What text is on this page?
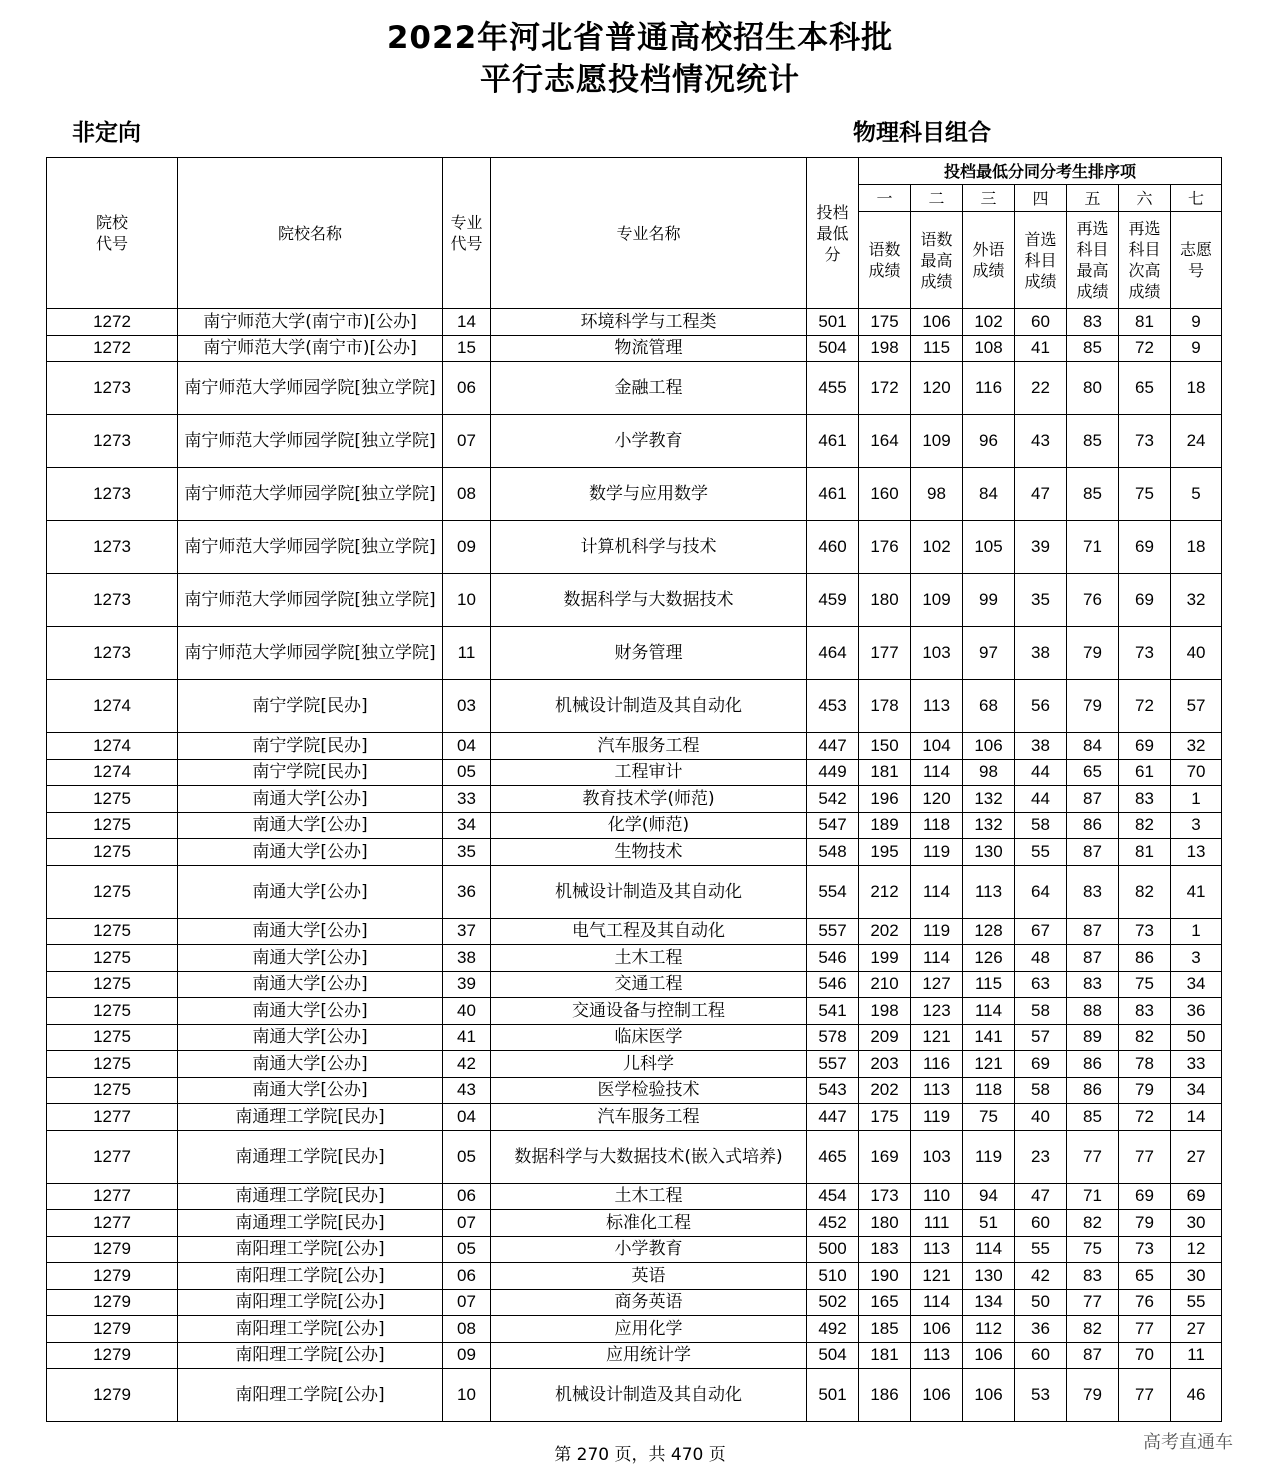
2022年河北省普通高校招生本科批
平行志愿投档情况统计
非定向	物理科目组合
院校代号	院校名称	专业代号	专业名称	投档最低分	投档最低分同分考生排序项						
					一	二	三	四	五	六	七

					语数成绩	语数最高成绩	外语成绩	首选科目成绩	再选科目最高成绩	再选科目次高成绩	志愿号

1272	南宁师范大学(南宁市)[公办]	14	环境科学与工程类	501	175	106	102	60	83	81	9
1272	南宁师范大学(南宁市)[公办]	15	物流管理	504	198	115	108	41	85	72	9
1273	南宁师范大学师园学院[独立学院]	06	金融工程	455	172	120	116	22	80	65	18
1273	南宁师范大学师园学院[独立学院]	07	小学教育	461	164	109	96	43	85	73	24
1273	南宁师范大学师园学院[独立学院]	08	数学与应用数学	461	160	98	84	47	85	75	5
1273	南宁师范大学师园学院[独立学院]	09	计算机科学与技术	460	176	102	105	39	71	69	18
1273	南宁师范大学师园学院[独立学院]	10	数据科学与大数据技术	459	180	109	99	35	76	69	32
1273	南宁师范大学师园学院[独立学院]	11	财务管理	464	177	103	97	38	79	73	40
1274	南宁学院[民办]	03	机械设计制造及其自动化	453	178	113	68	56	79	72	57
1274	南宁学院[民办]	04	汽车服务工程	447	150	104	106	38	84	69	32
1274	南宁学院[民办]	05	工程审计	449	181	114	98	44	65	61	70
1275	南通大学[公办]	33	教育技术学(师范)	542	196	120	132	44	87	83	1
1275	南通大学[公办]	34	化学(师范)	547	189	118	132	58	86	82	3
1275	南通大学[公办]	35	生物技术	548	195	119	130	55	87	81	13
1275	南通大学[公办]	36	机械设计制造及其自动化	554	212	114	113	64	83	82	41
1275	南通大学[公办]	37	电气工程及其自动化	557	202	119	128	67	87	73	1
1275	南通大学[公办]	38	土木工程	546	199	114	126	48	87	86	3
1275	南通大学[公办]	39	交通工程	546	210	127	115	63	83	75	34
1275	南通大学[公办]	40	交通设备与控制工程	541	198	123	114	58	88	83	36
1275	南通大学[公办]	41	临床医学	578	209	121	141	57	89	82	50
1275	南通大学[公办]	42	儿科学	557	203	116	121	69	86	78	33
1275	南通大学[公办]	43	医学检验技术	543	202	113	118	58	86	79	34
1277	南通理工学院[民办]	04	汽车服务工程	447	175	119	75	40	85	72	14
1277	南通理工学院[民办]	05	数据科学与大数据技术(嵌入式培养)	465	169	103	119	23	77	77	27
1277	南通理工学院[民办]	06	土木工程	454	173	110	94	47	71	69	69
1277	南通理工学院[民办]	07	标准化工程	452	180	111	51	60	82	79	30
1279	南阳理工学院[公办]	05	小学教育	500	183	113	114	55	75	73	12
1279	南阳理工学院[公办]	06	英语	510	190	121	130	42	83	65	30
1279	南阳理工学院[公办]	07	商务英语	502	165	114	134	50	77	76	55
1279	南阳理工学院[公办]	08	应用化学	492	185	106	112	36	82	77	27
1279	南阳理工学院[公办]	09	应用统计学	504	181	113	106	60	87	70	11
1279	南阳理工学院[公办]	10	机械设计制造及其自动化	501	186	106	106	53	79	77	46
第 270 页，共 470 页
高考直通车
